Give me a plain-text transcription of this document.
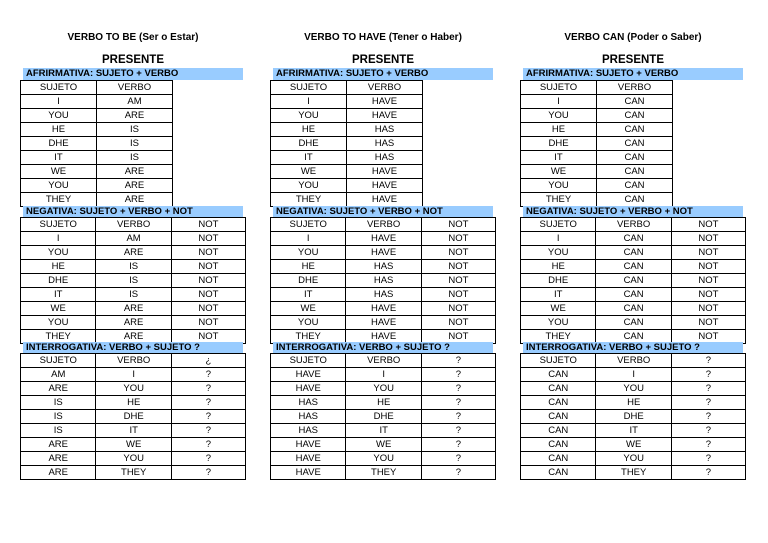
VERBO TO BE (Ser o Estar)
PRESENTE
AFRIRMATIVA: SUJETO + VERBO
SUJETO	VERBO
I	AM
YOU	ARE
HE	IS
DHE	IS
IT	IS
WE	ARE
YOU	ARE
THEY	ARE
NEGATIVA: SUJETO + VERBO + NOT
SUJETO	VERBO	NOT
I	AM	NOT
YOU	ARE	NOT
HE	IS	NOT
DHE	IS	NOT
IT	IS	NOT
WE	ARE	NOT
YOU	ARE	NOT
THEY	ARE	NOT
INTERROGATIVA: VERBO + SUJETO ?
SUJETO	VERBO	¿
AM	I	?
ARE	YOU	?
IS	HE	?
IS	DHE	?
IS	IT	?
ARE	WE	?
ARE	YOU	?
ARE	THEY	?
VERBO TO HAVE (Tener o Haber)
PRESENTE
AFRIRMATIVA: SUJETO + VERBO
SUJETO	VERBO
I	HAVE
YOU	HAVE
HE	HAS
DHE	HAS
IT	HAS
WE	HAVE
YOU	HAVE
THEY	HAVE
NEGATIVA: SUJETO + VERBO + NOT
SUJETO	VERBO	NOT
I	HAVE	NOT
YOU	HAVE	NOT
HE	HAS	NOT
DHE	HAS	NOT
IT	HAS	NOT
WE	HAVE	NOT
YOU	HAVE	NOT
THEY	HAVE	NOT
INTERROGATIVA: VERBO + SUJETO ?
SUJETO	VERBO	?
HAVE	I	?
HAVE	YOU	?
HAS	HE	?
HAS	DHE	?
HAS	IT	?
HAVE	WE	?
HAVE	YOU	?
HAVE	THEY	?
VERBO CAN (Poder o Saber)
PRESENTE
AFRIRMATIVA: SUJETO + VERBO
SUJETO	VERBO
I	CAN
YOU	CAN
HE	CAN
DHE	CAN
IT	CAN
WE	CAN
YOU	CAN
THEY	CAN
NEGATIVA: SUJETO + VERBO + NOT
SUJETO	VERBO	NOT
I	CAN	NOT
YOU	CAN	NOT
HE	CAN	NOT
DHE	CAN	NOT
IT	CAN	NOT
WE	CAN	NOT
YOU	CAN	NOT
THEY	CAN	NOT
INTERROGATIVA: VERBO + SUJETO ?
SUJETO	VERBO	?
CAN	I	?
CAN	YOU	?
CAN	HE	?
CAN	DHE	?
CAN	IT	?
CAN	WE	?
CAN	YOU	?
CAN	THEY	?
